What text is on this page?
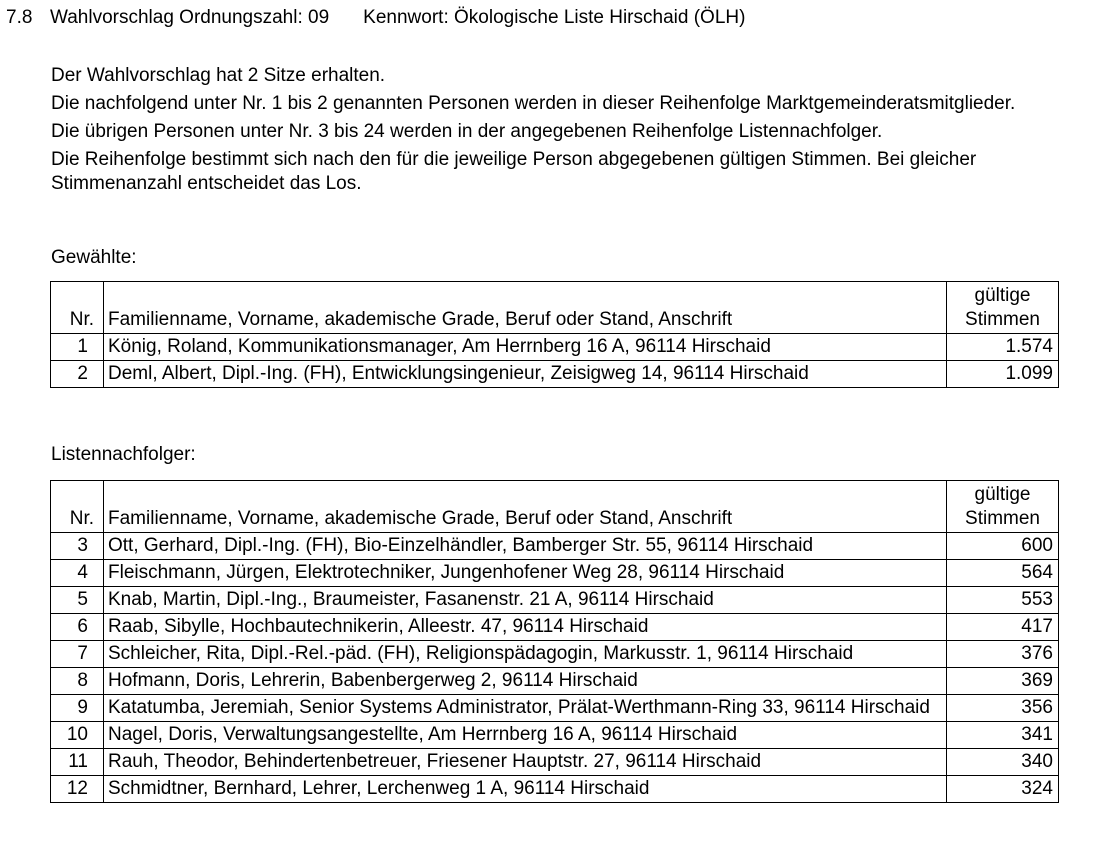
7.8 Wahlvorschlag Ordnungszahl: 09 Kennwort: Ökologische Liste Hirschaid (ÖLH)

Der Wahlvorschlag hat 2 Sitze erhalten.

Die nachfolgend unter Nr. 1 bis 2 genannten Personen werden in dieser Reihenfolge Marktgemeinderatsmitglieder.

Die übrigen Personen unter Nr. 3 bis 24 werden in der angegebenen Reihenfolge Listennachfolger.

Die Reihenfolge bestimmt sich nach den für die jeweilige Person abgegebenen gültigen Stimmen. Bei gleicher Stimmenanzahl entscheidet das Los.

Gewählte:
Nr.	Familienname, Vorname, akademische Grade, Beruf oder Stand, Anschrift	gültige
Stimmen
1	König, Roland, Kommunikationsmanager, Am Herrnberg 16 A, 96114 Hirschaid	1.574
2	Deml, Albert, Dipl.-Ing. (FH), Entwicklungsingenieur, Zeisigweg 14, 96114 Hirschaid	1.099
Listennachfolger:
Nr.	Familienname, Vorname, akademische Grade, Beruf oder Stand, Anschrift	gültige
Stimmen
3	Ott, Gerhard, Dipl.-Ing. (FH), Bio-Einzelhändler, Bamberger Str. 55, 96114 Hirschaid	600
4	Fleischmann, Jürgen, Elektrotechniker, Jungenhofener Weg 28, 96114 Hirschaid	564
5	Knab, Martin, Dipl.-Ing., Braumeister, Fasanenstr. 21 A, 96114 Hirschaid	553
6	Raab, Sibylle, Hochbautechnikerin, Alleestr. 47, 96114 Hirschaid	417
7	Schleicher, Rita, Dipl.-Rel.-päd. (FH), Religionspädagogin, Markusstr. 1, 96114 Hirschaid	376
8	Hofmann, Doris, Lehrerin, Babenbergerweg 2, 96114 Hirschaid	369
9	Katatumba, Jeremiah, Senior Systems Administrator, Prälat-Werthmann-Ring 33, 96114 Hirschaid	356
10	Nagel, Doris, Verwaltungsangestellte, Am Herrnberg 16 A, 96114 Hirschaid	341
11	Rauh, Theodor, Behindertenbetreuer, Friesener Hauptstr. 27, 96114 Hirschaid	340
12	Schmidtner, Bernhard, Lehrer, Lerchenweg 1 A, 96114 Hirschaid	324
